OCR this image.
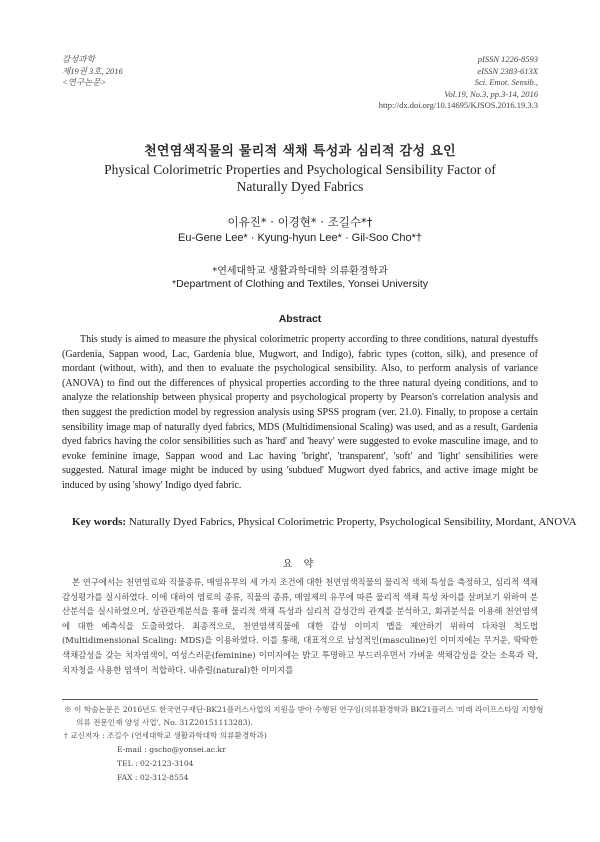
감성과학
제19권 3호, 2016
<연구논문>
pISSN 1226-8593
eISSN 2383-613X
Sci. Emot. Sensib.,
Vol.19, No.3, pp.3-14, 2016
http://dx.doi.org/10.14695/KJSOS.2016.19.3.3
천연염색직물의 물리적 색채 특성과 심리적 감성 요인
Physical Colorimetric Properties and Psychological Sensibility Factor of Naturally Dyed Fabrics
이유진* · 이경현* · 조길수*†
Eu-Gene Lee* · Kyung-hyun Lee* · Gil-Soo Cho*†
*연세대학교 생활과학대학 의류환경학과
*Department of Clothing and Textiles, Yonsei University
Abstract

This study is aimed to measure the physical colorimetric property according to three conditions, natural dyestuffs (Gardenia, Sappan wood, Lac, Gardenia blue, Mugwort, and Indigo), fabric types (cotton, silk), and presence of mordant (without, with), and then to evaluate the psychological sensibility. Also, to perform analysis of variance (ANOVA) to find out the differences of physical properties according to the three natural dyeing conditions, and to analyze the relationship between physical property and psychological property by Pearson's correlation analysis and then suggest the prediction model by regression analysis using SPSS program (ver. 21.0). Finally, to propose a certain sensibility image map of naturally dyed fabrics, MDS (Multidimensional Scaling) was used, and as a result, Gardenia dyed fabrics having the color sensibilities such as 'hard' and 'heavy' were suggested to evoke masculine image, and to evoke feminine image, Sappan wood and Lac having 'bright', 'transparent', 'soft' and 'light' sensibilities were suggested. Natural image might be induced by using 'subdued' Mugwort dyed fabrics, and active image might be induced by using 'showy' Indigo dyed fabric.

Key words: Naturally Dyed Fabrics, Physical Colorimetric Property, Psychological Sensibility, Mordant, ANOVA
요 약

본 연구에서는 천연염료와 직물종류, 매염유무의 세 가지 조건에 대한 천연염색직물의 물리적 색채 특성을 측정하고, 심리적 색채감성평가를 실시하였다. 이에 대하여 염료의 종류, 직물의 종류, 매염제의 유무에 따른 물리적 색채 특성 차이를 살펴보기 위하여 분산분석을 실시하였으며, 상관관계분석을 통해 물리적 색채 특성과 심리적 감성간의 관계를 분석하고, 회귀분석을 이용해 천연염색에 대한 예측식을 도출하였다. 최종적으로, 천연염색직물에 대한 감성 이미지 맵을 제안하기 위하여 다차원 척도법(Multidimensional Scaling: MDS)을 이용하였다. 이를 통해, 대표적으로 남성적인(masculine)인 이미지에는 무거운, 딱딱한 색채감성을 갖는 치자염색이, 여성스러운(feminine) 이미지에는 밝고 투명하고 부드러우면서 가벼운 색채감성을 갖는 소목과 락, 치자청을 사용한 염색이 적합하다. 내츄럴(natural)한 이미지를

※ 이 학술논문은 2016년도 한국연구재단-BK21플러스사업의 지원을 받아 수행된 연구임(의류환경학과 BK21플러스 '미래 라이프스타일 지향형 의류 전문인재 양성 사업', No. 31Z20151113283).
† 교신저자 : 조길수 (연세대학교 생활과학대학 의류환경학과)
E-mail : gscho@yonsei.ac.kr
TEL : 02-2123-3104
FAX : 02-312-8554
